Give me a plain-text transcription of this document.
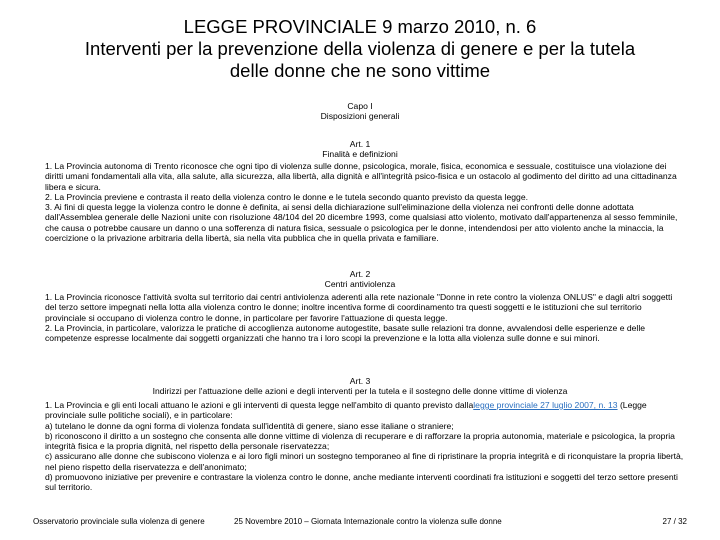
LEGGE PROVINCIALE 9 marzo 2010, n. 6
Interventi per la prevenzione della violenza di genere e per la tutela
delle donne che ne sono vittime
Capo I
Disposizioni generali
Art. 1
Finalità e definizioni

1. La Provincia autonoma di Trento riconosce che ogni tipo di violenza sulle donne, psicologica, morale, fisica, economica e sessuale, costituisce una violazione dei diritti umani fondamentali alla vita, alla salute, alla sicurezza, alla libertà, alla dignità e all'integrità psico-fisica e un ostacolo al godimento del diritto ad una cittadinanza libera e sicura.

2. La Provincia previene e contrasta il reato della violenza contro le donne e le tutela secondo quanto previsto da questa legge.

3. Ai fini di questa legge la violenza contro le donne è definita, ai sensi della dichiarazione sull'eliminazione della violenza nei confronti delle donne adottata dall'Assemblea generale delle Nazioni unite con risoluzione 48/104 del 20 dicembre 1993, come qualsiasi atto violento, motivato dall'appartenenza al sesso femminile, che causa o potrebbe causare un danno o una sofferenza di natura fisica, sessuale o psicologica per le donne, intendendosi per atto violento anche la minaccia, la coercizione o la privazione arbitraria della libertà, sia nella vita pubblica che in quella privata e familiare.

Art. 2
Centri antiviolenza

1. La Provincia riconosce l'attività svolta sul territorio dai centri antiviolenza aderenti alla rete nazionale "Donne in rete contro la violenza ONLUS" e dagli altri soggetti del terzo settore impegnati nella lotta alla violenza contro le donne; inoltre incentiva forme di coordinamento tra questi soggetti e le istituzioni che sul territorio provinciale si occupano di violenza contro le donne, in particolare per favorire l'attuazione di questa legge.

2. La Provincia, in particolare, valorizza le pratiche di accoglienza autonome autogestite, basate sulle relazioni tra donne, avvalendosi delle esperienze e delle competenze espresse localmente dai soggetti organizzati che hanno tra i loro scopi la prevenzione e la lotta alla violenza sulle donne e sui minori.

Art. 3
Indirizzi per l'attuazione delle azioni e degli interventi per la tutela e il sostegno delle donne vittime di violenza

1. La Provincia e gli enti locali attuano le azioni e gli interventi di questa legge nell'ambito di quanto previsto dallalegge provinciale 27 luglio 2007, n. 13 (Legge provinciale sulle politiche sociali), e in particolare:

a) tutelano le donne da ogni forma di violenza fondata sull'identità di genere, siano esse italiane o straniere;

b) riconoscono il diritto a un sostegno che consenta alle donne vittime di violenza di recuperare e di rafforzare la propria autonomia, materiale e psicologica, la propria integrità fisica e la propria dignità, nel rispetto della personale riservatezza;

c) assicurano alle donne che subiscono violenza e ai loro figli minori un sostegno temporaneo al fine di ripristinare la propria integrità e di riconquistare la propria libertà, nel pieno rispetto della riservatezza e dell'anonimato;

d) promuovono iniziative per prevenire e contrastare la violenza contro le donne, anche mediante interventi coordinati fra istituzioni e soggetti del terzo settore presenti sul territorio.

Osservatorio provinciale sulla violenza di genere	25 Novembre 2010 – Giornata Internazionale contro la violenza sulle donne	27 / 32
